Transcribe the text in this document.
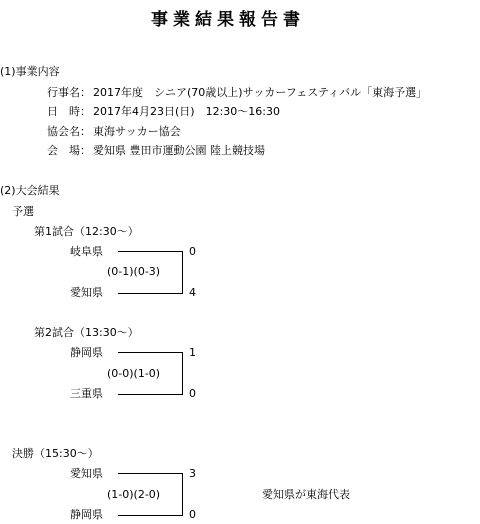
事業結果報告書
(1)事業内容
行事名： 2017年度　シニア(70歳以上)サッカーフェスティバル「東海予選」
日　時： 2017年4月23日(日)　12:30～16:30
協会名： 東海サッカー協会
会　場： 愛知県 豊田市運動公園 陸上競技場
(2)大会結果
予選
第1試合（12:30～）
岐阜県	0
(0-1)(0-3)
愛知県	4
第2試合（13:30～）
静岡県	1
(0-0)(1-0)
三重県	0
決勝（15:30～）
愛知県	3
(1-0)(2-0)	愛知県が東海代表
静岡県	0
